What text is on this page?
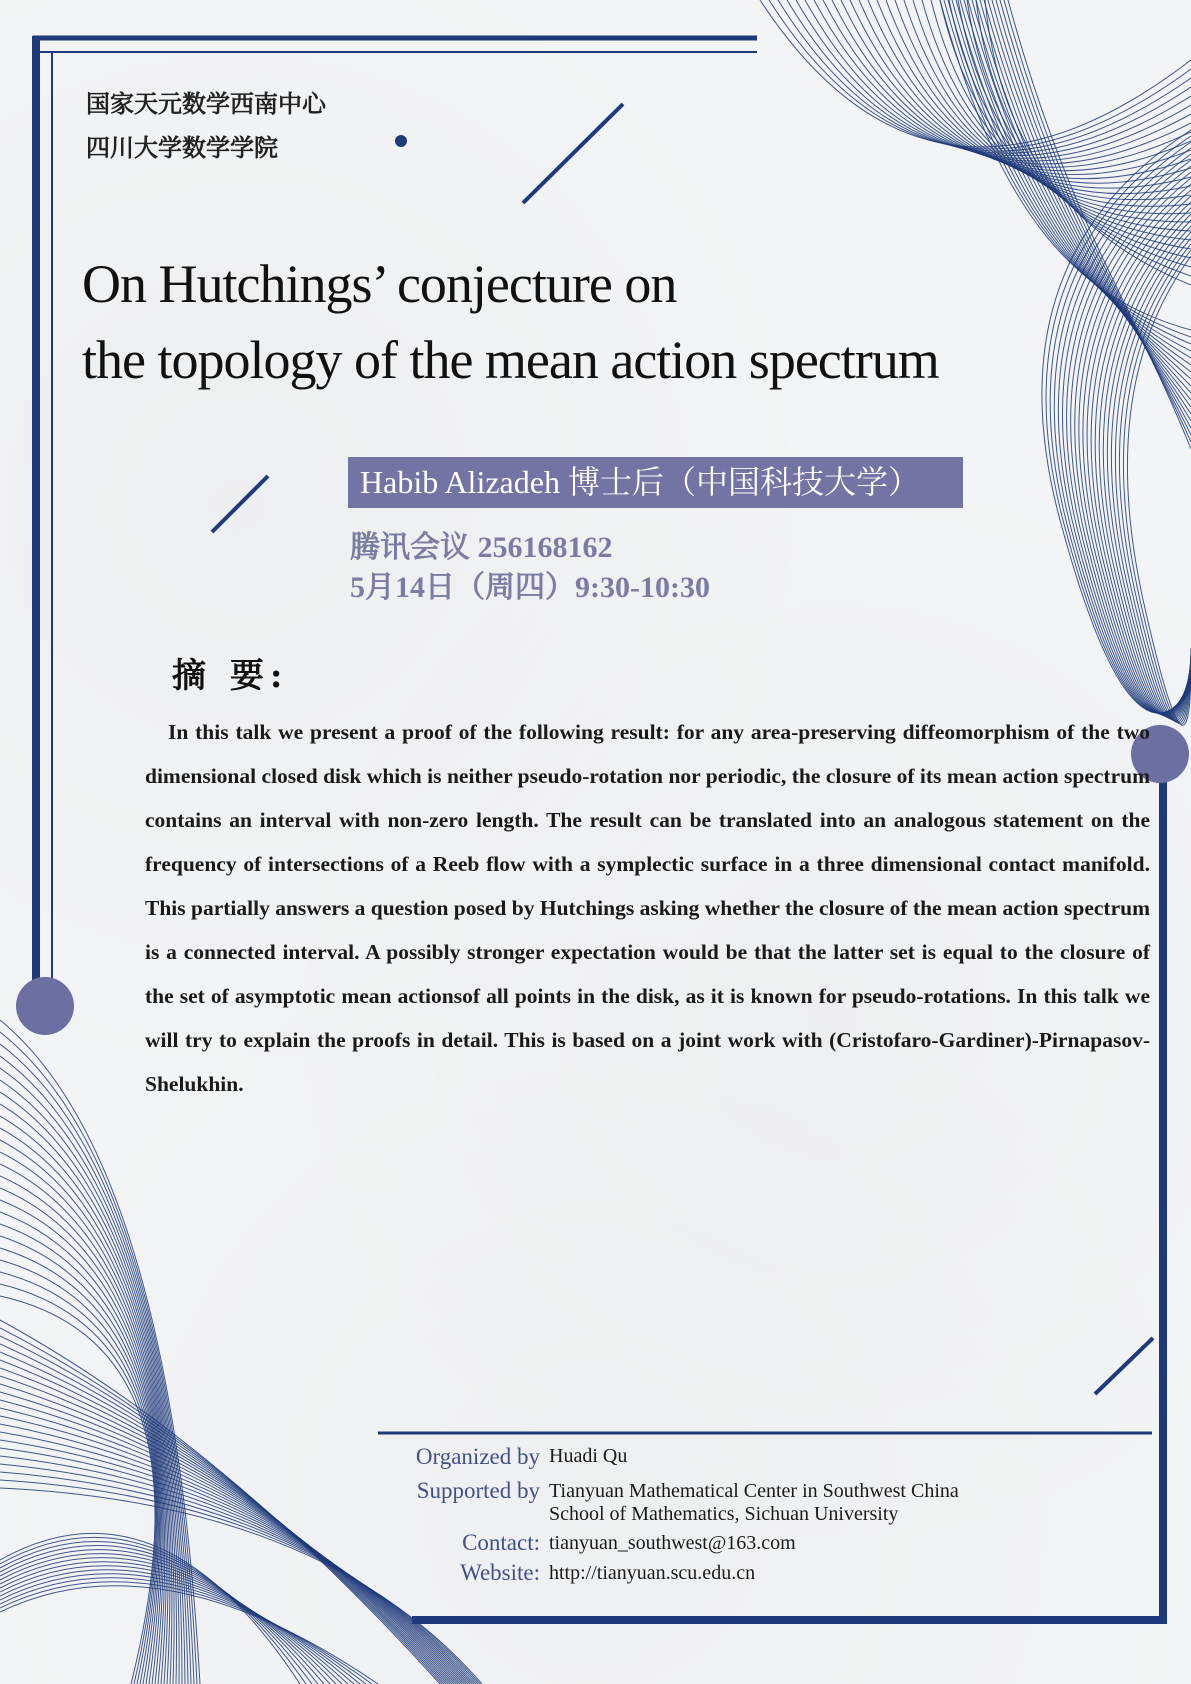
国家天元数学西南中心
四川大学数学学院
On Hutchings’ conjecture on
the topology of the mean action spectrum
Habib Alizadeh 博士后（中国科技大学）
腾讯会议 256168162
5月14日（周四）9:30-10:30
摘 要:
In this talk we present a proof of the following result: for any area-preserving diffeomorphism of the two dimensional closed disk which is neither pseudo-rotation nor periodic, the closure of its mean action spectrum contains an interval with non-zero length. The result can be translated into an analogous statement on the frequency of intersections of a Reeb flow with a symplectic surface in a three dimensional contact manifold. This partially answers a question posed by Hutchings asking whether the closure of the mean action spectrum is a connected interval. A possibly stronger expectation would be that the latter set is equal to the closure of the set of asymptotic mean actionsof all points in the disk, as it is known for pseudo-rotations. In this talk we will try to explain the proofs in detail. This is based on a joint work with (Cristofaro-Gardiner)-Pirnapasov-Shelukhin.
Organized by Huadi Qu
Supported by Tianyuan Mathematical Center in Southwest China
School of Mathematics, Sichuan University
Contact: tianyuan_southwest@163.com
Website: http://tianyuan.scu.edu.cn
